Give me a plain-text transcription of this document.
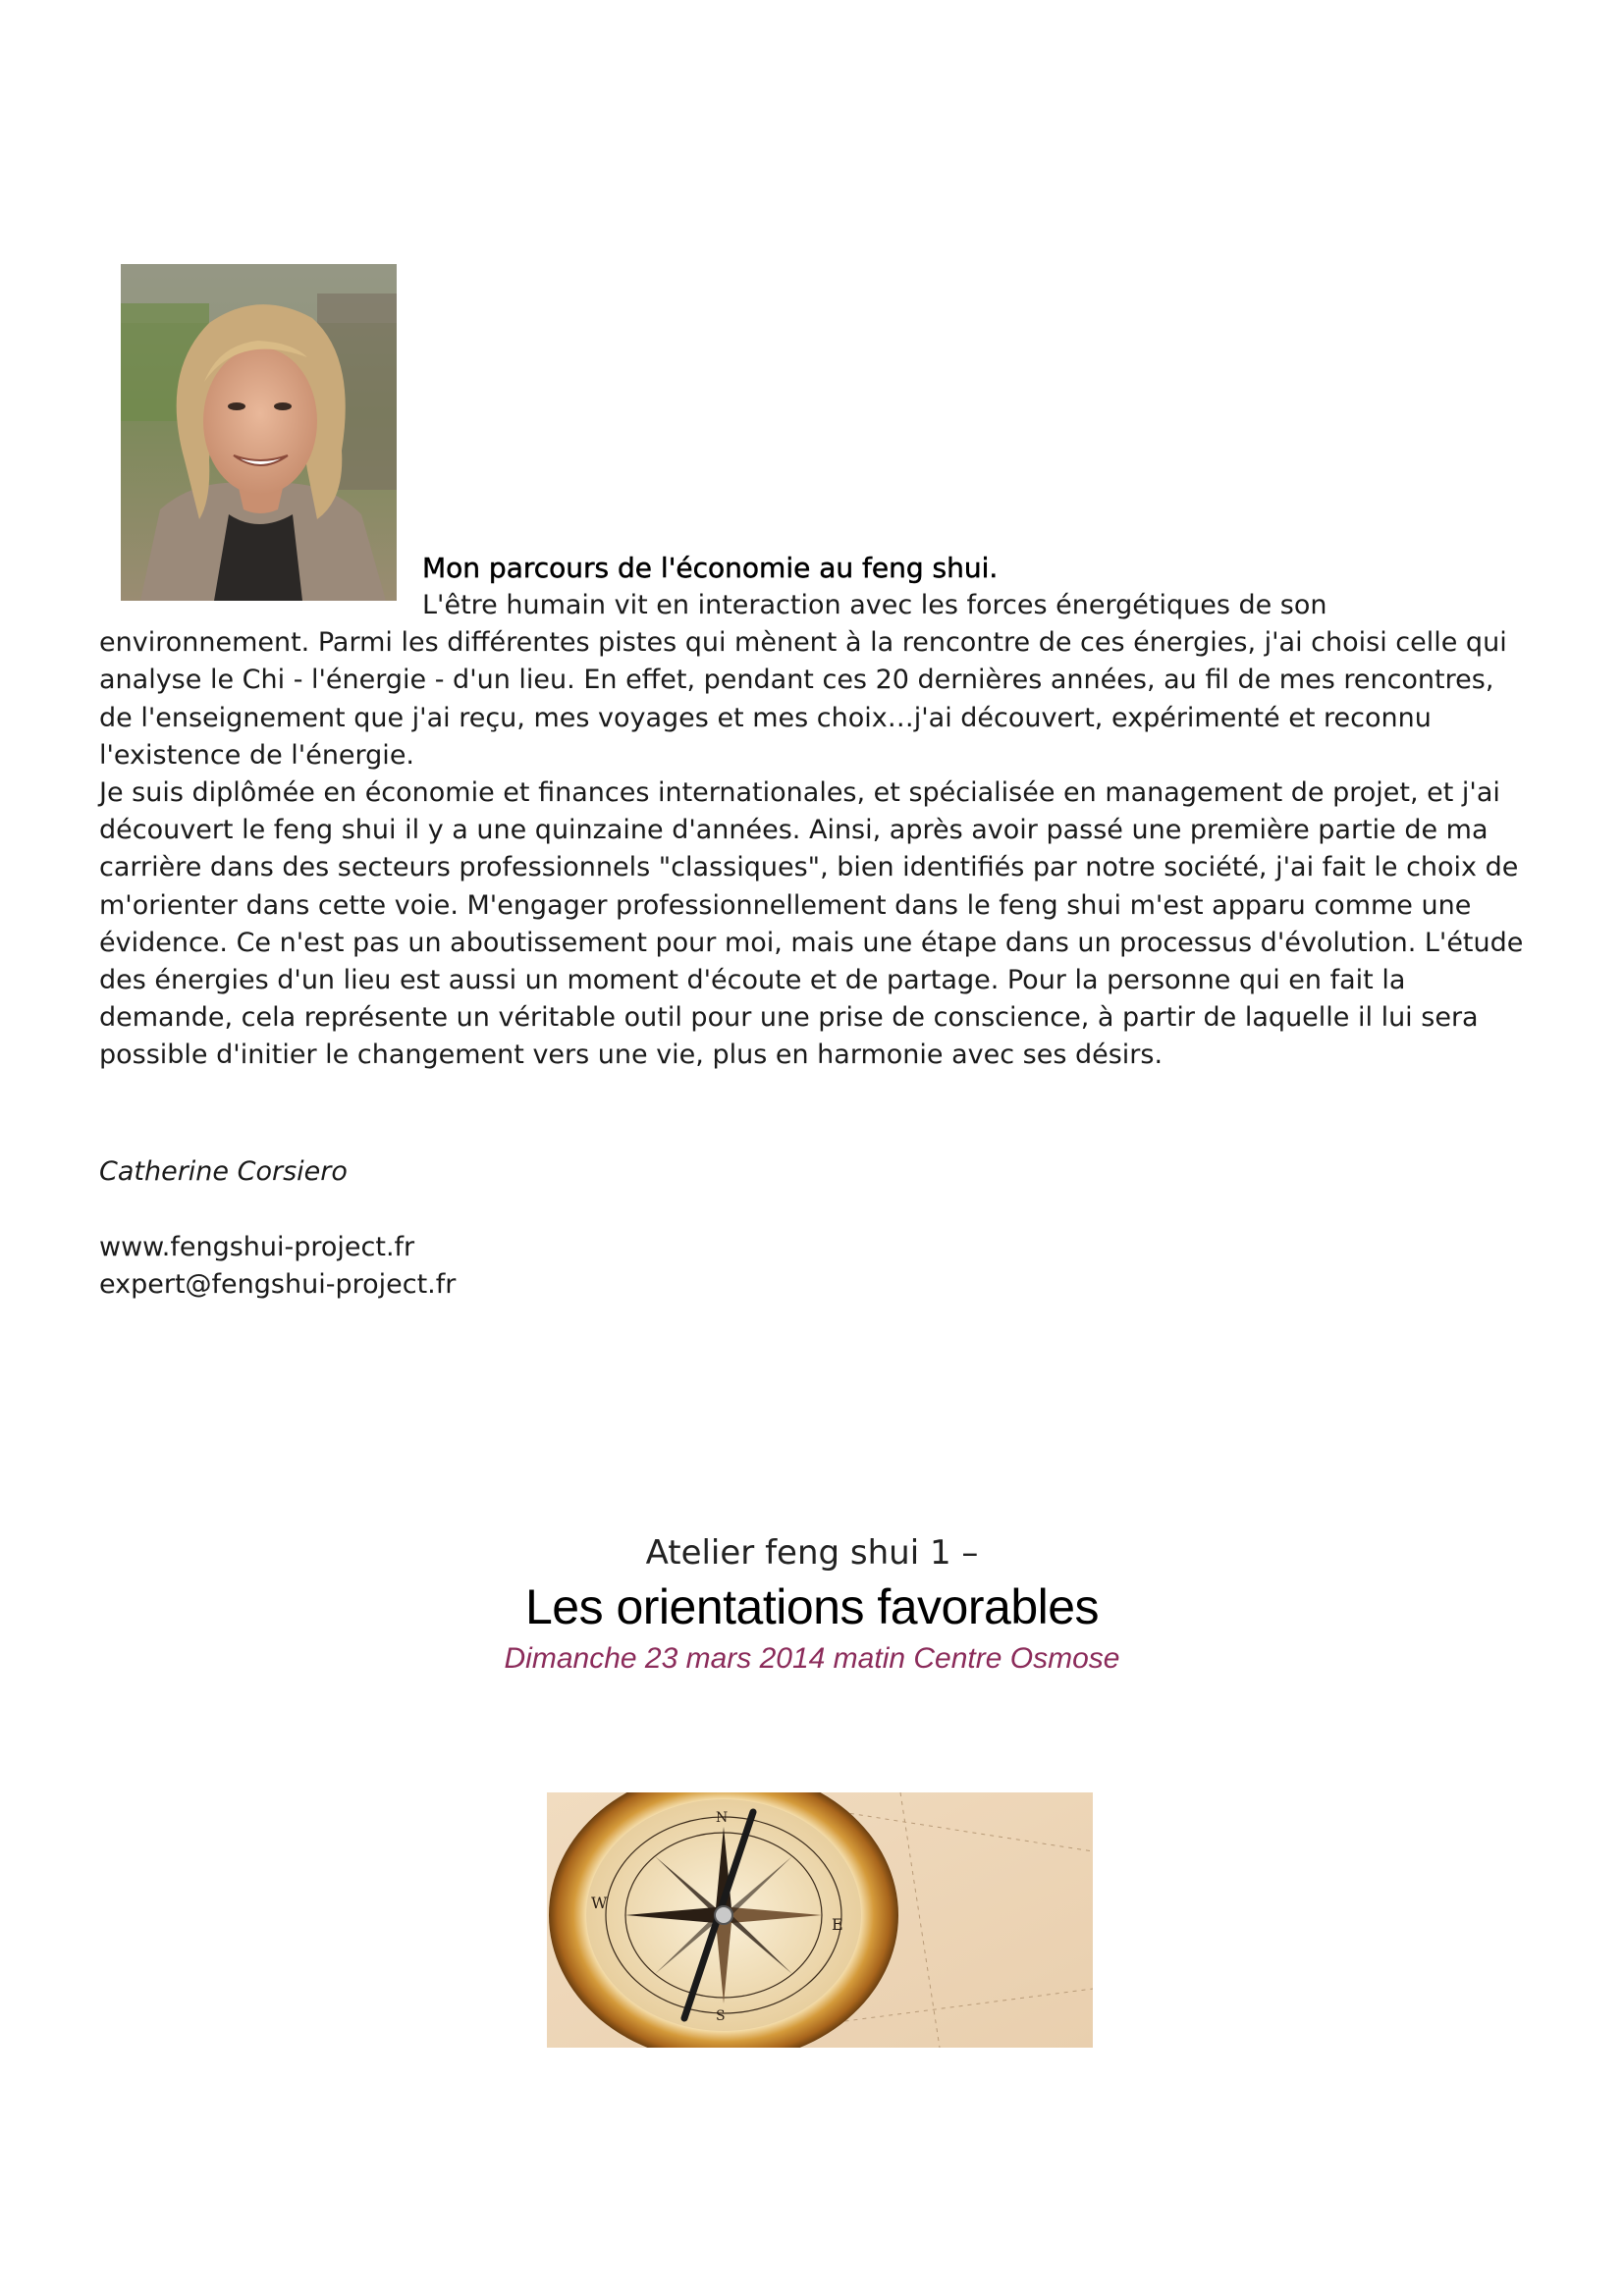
Mon parcours de l'économie au feng shui.

L'être humain vit en interaction avec les forces énergétiques de son environnement. Parmi les différentes pistes qui mènent à la rencontre de ces énergies, j'ai choisi celle qui analyse le Chi - l'énergie - d'un lieu. En effet, pendant ces 20 dernières années, au fil de mes rencontres, de l'enseignement que j'ai reçu, mes voyages et mes choix…j'ai découvert, expérimenté et reconnu l'existence de l'énergie.

Je suis diplômée en économie et finances internationales, et spécialisée en management de projet, et j'ai découvert le feng shui il y a une quinzaine d'années. Ainsi, après avoir passé une première partie de ma carrière dans des secteurs professionnels "classiques", bien identifiés par notre société, j'ai fait le choix de m'orienter dans cette voie. M'engager professionnellement dans le feng shui m'est apparu comme une évidence. Ce n'est pas un aboutissement pour moi, mais une étape dans un processus d'évolution. L'étude des énergies d'un lieu est aussi un moment d'écoute et de partage. Pour la personne qui en fait la demande, cela représente un véritable outil pour une prise de conscience, à partir de laquelle il lui sera possible d'initier le changement vers une vie, plus en harmonie avec ses désirs.

Catherine Corsiero
www.fengshui-project.fr
expert@fengshui-project.fr
Atelier feng shui 1 –
Les orientations favorables
Dimanche 23 mars 2014 matin Centre Osmose
W
E
N
S
